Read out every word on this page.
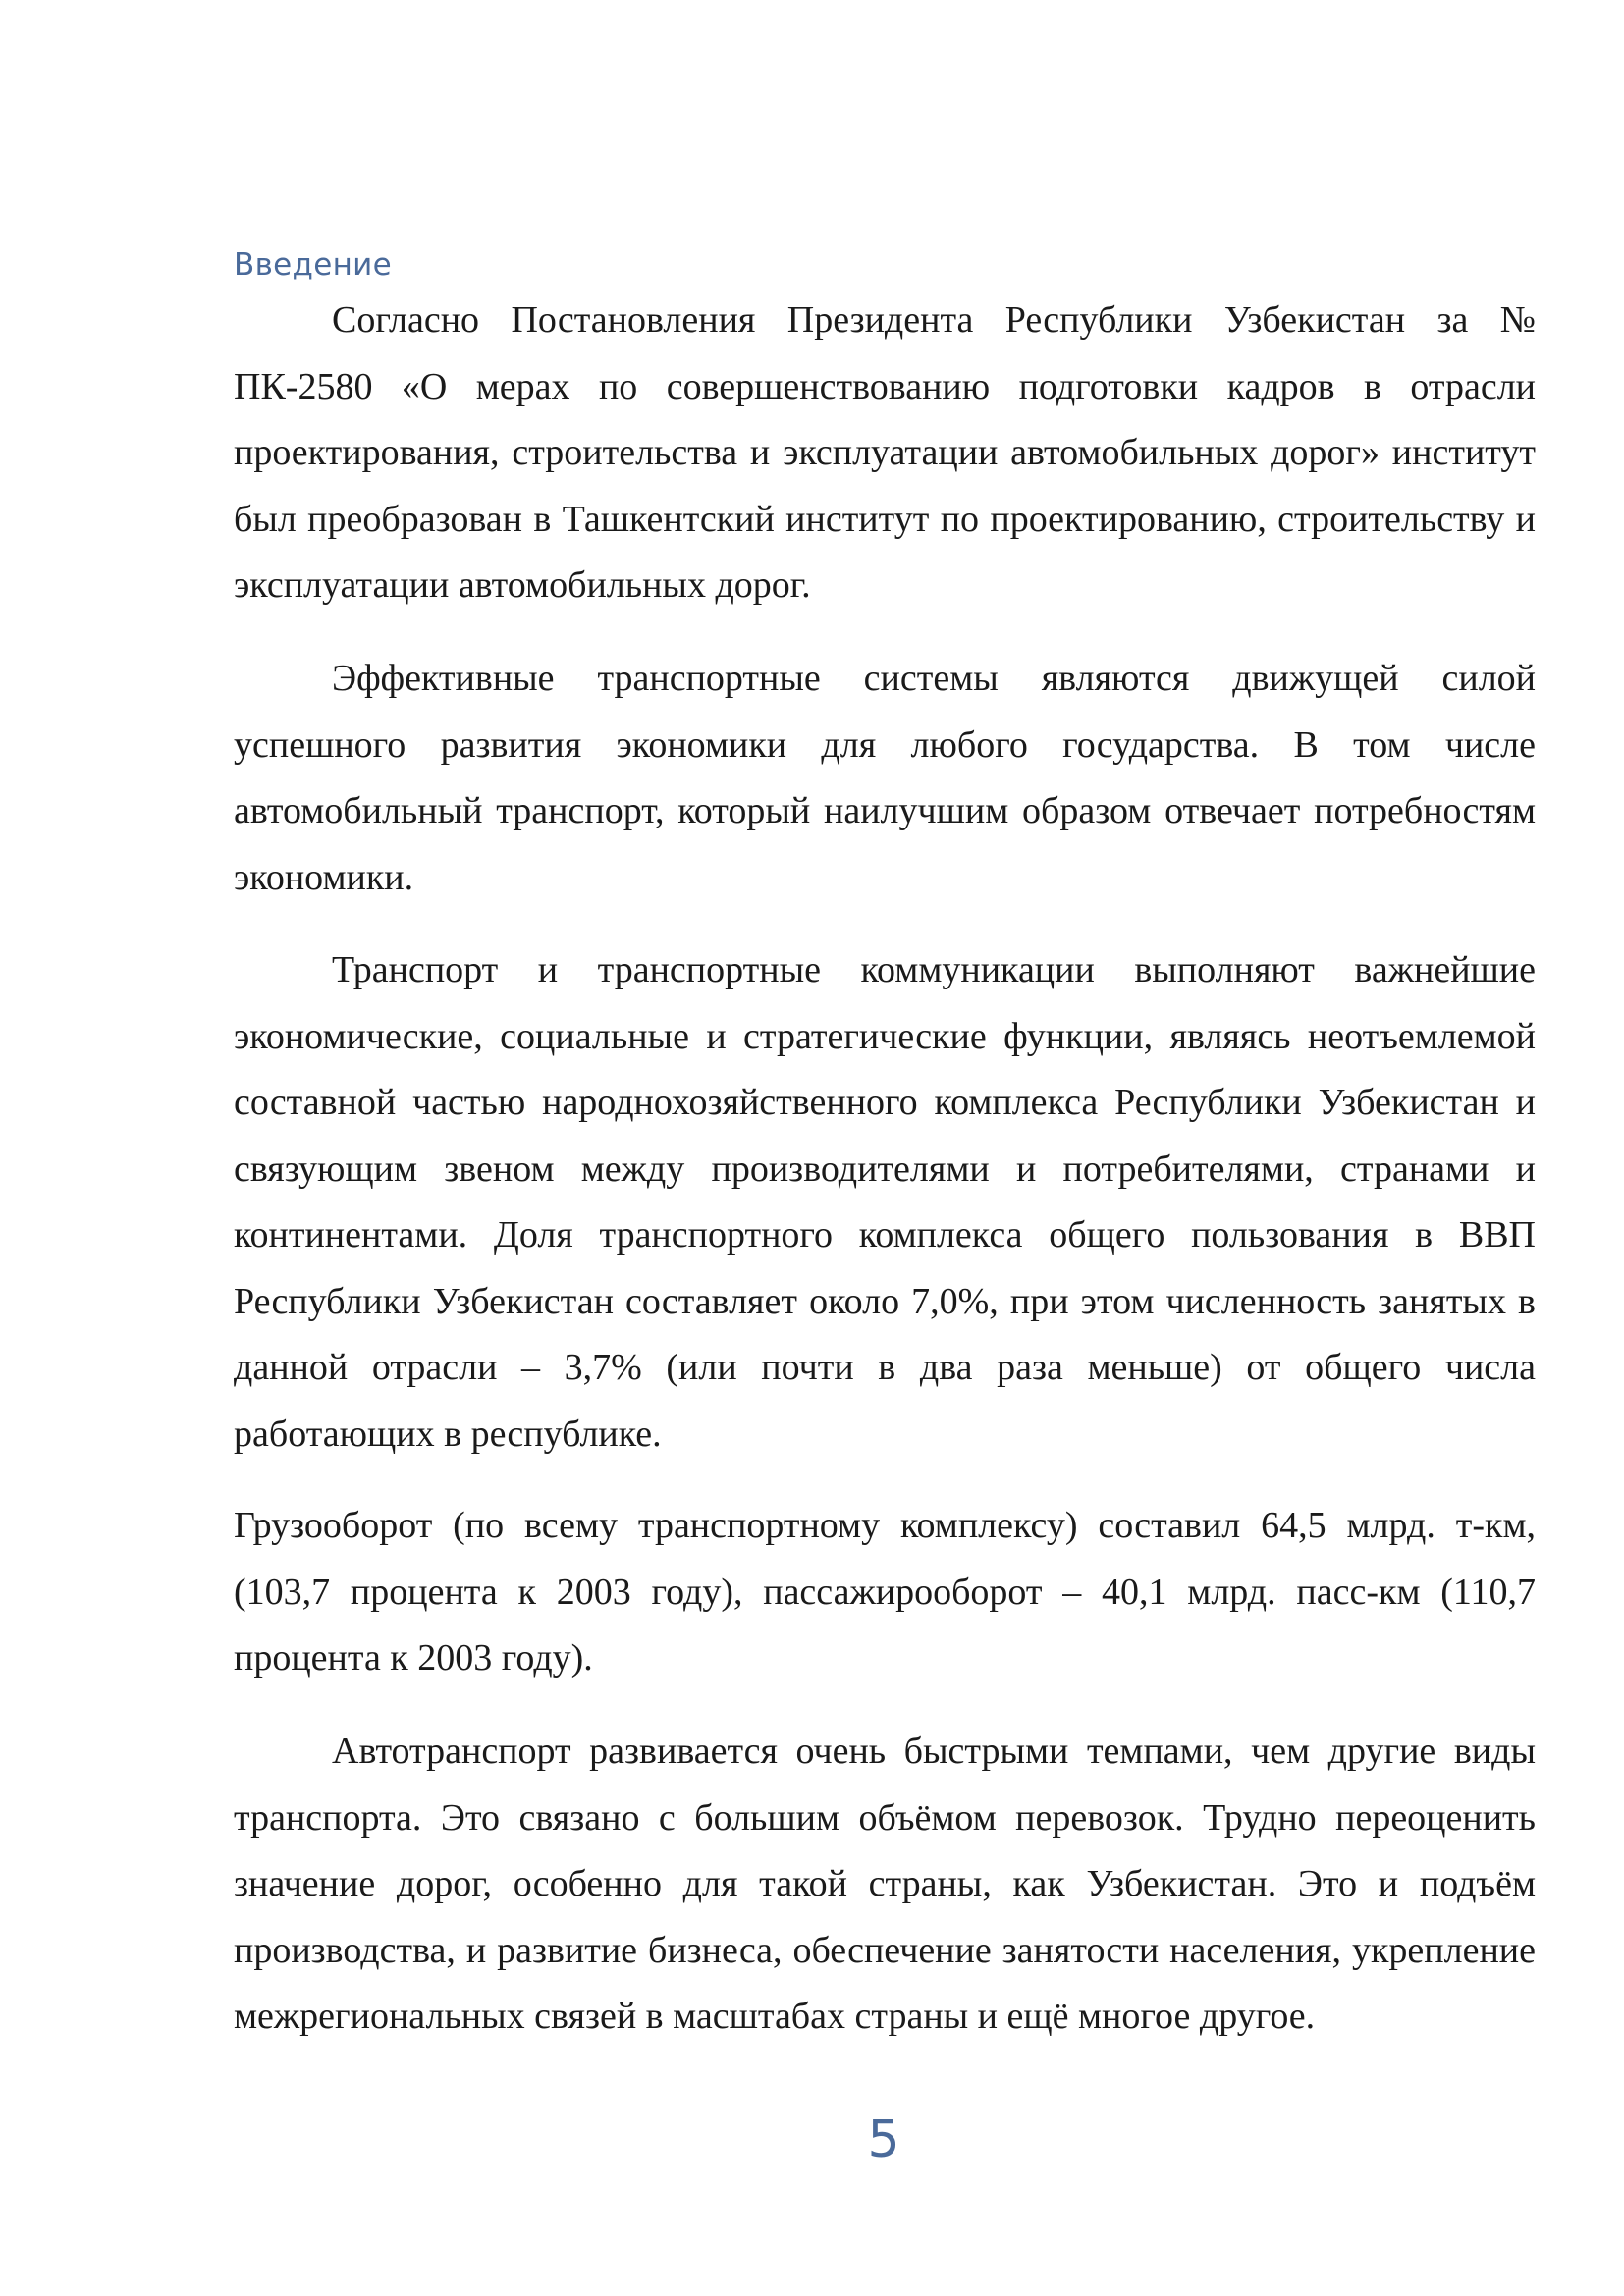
Введение

Согласно Постановления Президента Республики Узбекистан за № ПК-2580 «О мерах по совершенствованию подготовки кадров в отрасли проектирования, строительства и эксплуатации автомобильных дорог» институт был преобразован в Ташкентский институт по проектированию, строительству и эксплуатации автомобильных дорог.

Эффективные транспортные системы являются движущей силой успешного развития экономики для любого государства. В том числе автомобильный транспорт, который наилучшим образом отвечает потребностям экономики.

Транспорт и транспортные коммуникации выполняют важнейшие экономические, социальные и стратегические функции, являясь неотъемлемой составной частью народнохозяйственного комплекса Республики Узбекистан и связующим звеном между производителями и потребителями, странами и континентами. Доля транспортного комплекса общего пользования в ВВП Республики Узбекистан составляет около 7,0%, при этом численность занятых в данной отрасли – 3,7% (или почти в два раза меньше) от общего числа работающих в республике.

Грузооборот (по всему транспортному комплексу) составил 64,5 млрд. т-км, (103,7 процента к 2003 году), пассажирооборот – 40,1 млрд. пасс-км (110,7 процента к 2003 году).

Автотранспорт развивается очень быстрыми темпами, чем другие виды транспорта. Это связано с большим объёмом перевозок. Трудно переоценить значение дорог, особенно для такой страны, как Узбекистан. Это и подъём производства, и развитие бизнеса, обеспечение занятости населения, укрепление межрегиональных связей в масштабах страны и ещё многое другое.

5
